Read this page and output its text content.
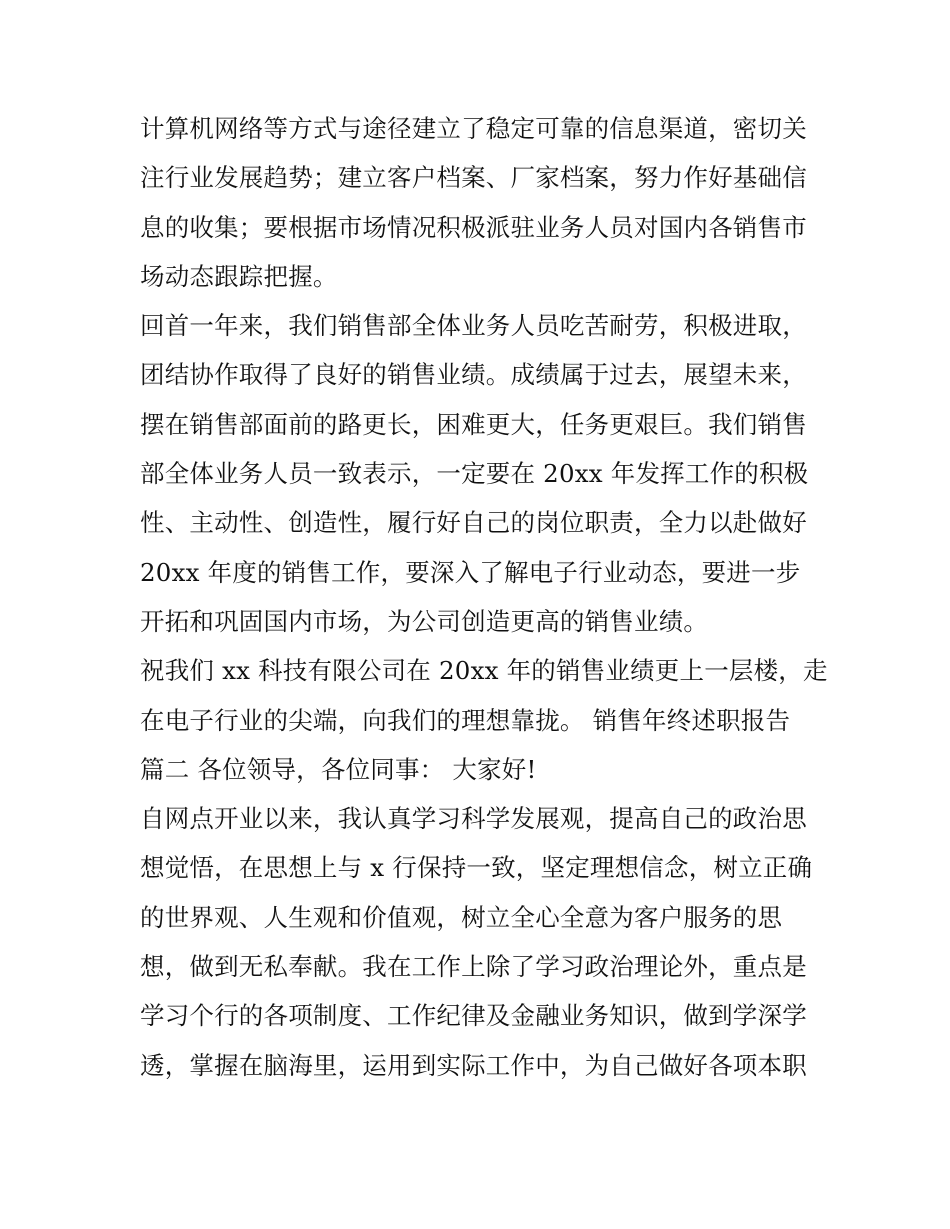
计算机网络等方式与途径建立了稳定可靠的信息渠道，密切关
注行业发展趋势；建立客户档案、厂家档案，努力作好基础信
息的收集；要根据市场情况积极派驻业务人员对国内各销售市
场动态跟踪把握。
回首一年来，我们销售部全体业务人员吃苦耐劳，积极进取，
团结协作取得了良好的销售业绩。成绩属于过去，展望未来，
摆在销售部面前的路更长，困难更大，任务更艰巨。我们销售
部全体业务人员一致表示，一定要在 20xx 年发挥工作的积极
性、主动性、创造性，履行好自己的岗位职责，全力以赴做好
20xx 年度的销售工作，要深入了解电子行业动态，要进一步
开拓和巩固国内市场，为公司创造更高的销售业绩。
祝我们 xx 科技有限公司在 20xx 年的销售业绩更上一层楼，走
在电子行业的尖端，向我们的理想靠拢。 销售年终述职报告
篇二 各位领导，各位同事： 大家好!
自网点开业以来，我认真学习科学发展观，提高自己的政治思
想觉悟，在思想上与 x 行保持一致，坚定理想信念，树立正确
的世界观、人生观和价值观，树立全心全意为客户服务的思
想，做到无私奉献。我在工作上除了学习政治理论外，重点是
学习个行的各项制度、工作纪律及金融业务知识，做到学深学
透，掌握在脑海里，运用到实际工作中，为自己做好各项本职
